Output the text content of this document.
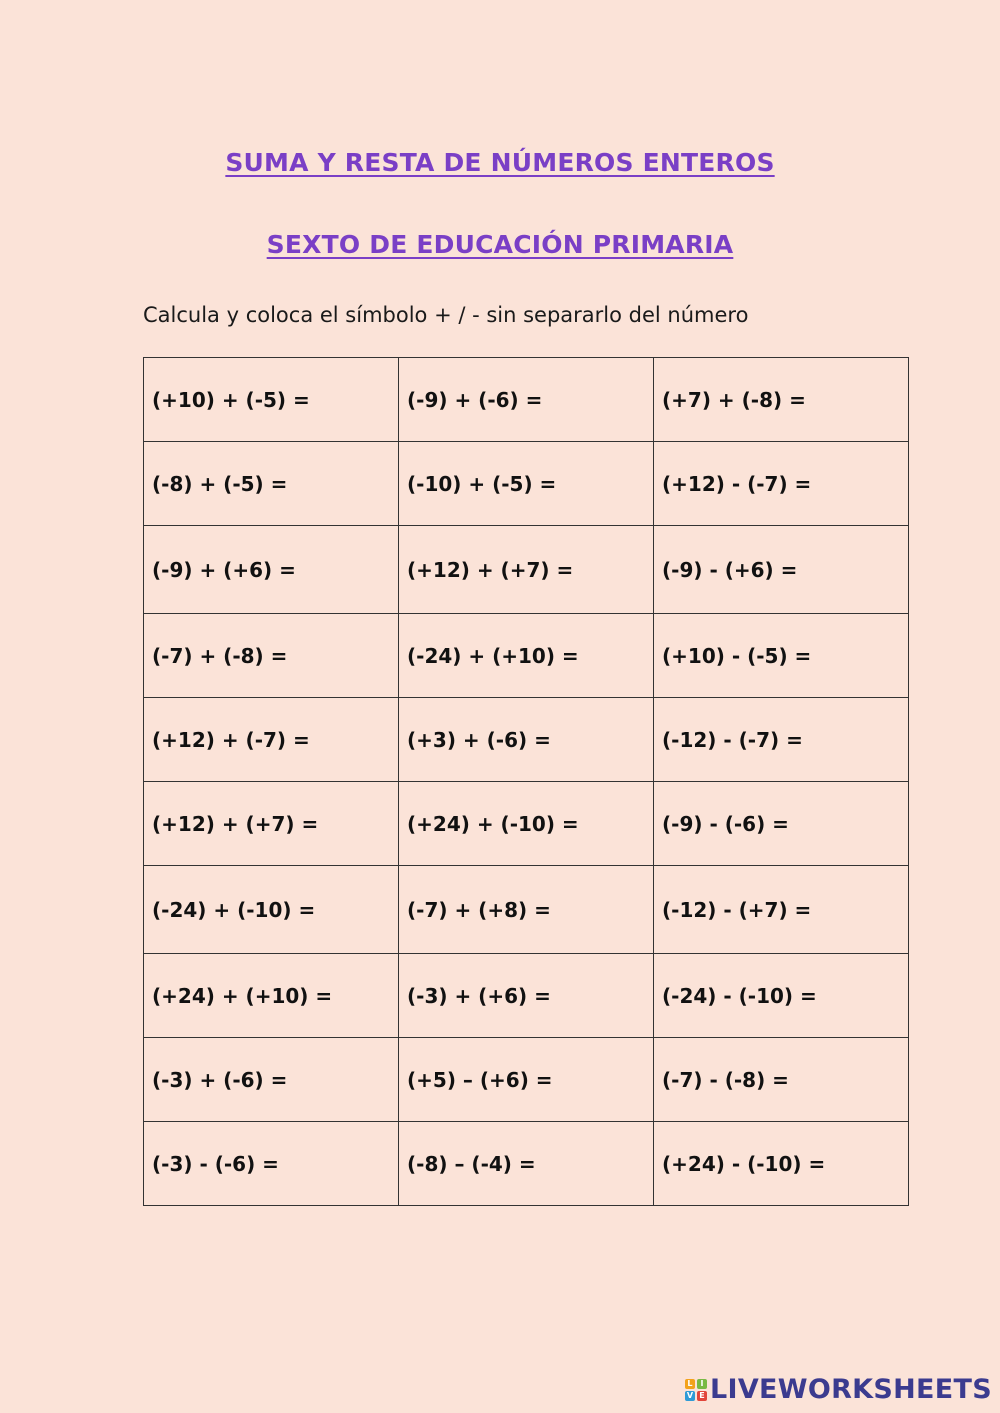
SUMA Y RESTA DE NÚMEROS ENTEROS
SEXTO DE EDUCACIÓN PRIMARIA
Calcula y coloca el símbolo + / - sin separarlo del número
(+10) + (-5) =	(-9) + (-6) =	(+7) + (-8) =
(-8) + (-5) =	(-10) + (-5) =	(+12) - (-7) =
(-9) + (+6) =	(+12) + (+7) =	(-9) - (+6) =
(-7) + (-8) =	(-24) + (+10) =	(+10) - (-5) =
(+12) + (-7) =	(+3) + (-6) =	(-12) - (-7) =
(+12) + (+7) =	(+24) + (-10) =	(-9) - (-6) =
(-24) + (-10) =	(-7) + (+8) =	(-12) - (+7) =
(+24) + (+10) =	(-3) + (+6) =	(-24) - (-10) =
(-3) + (-6) =	(+5) – (+6) =	(-7) - (-8) =
(-3) - (-6) =	(-8) – (-4) =	(+24) - (-10) =
L I
V E LIVEWORKSHEETS
